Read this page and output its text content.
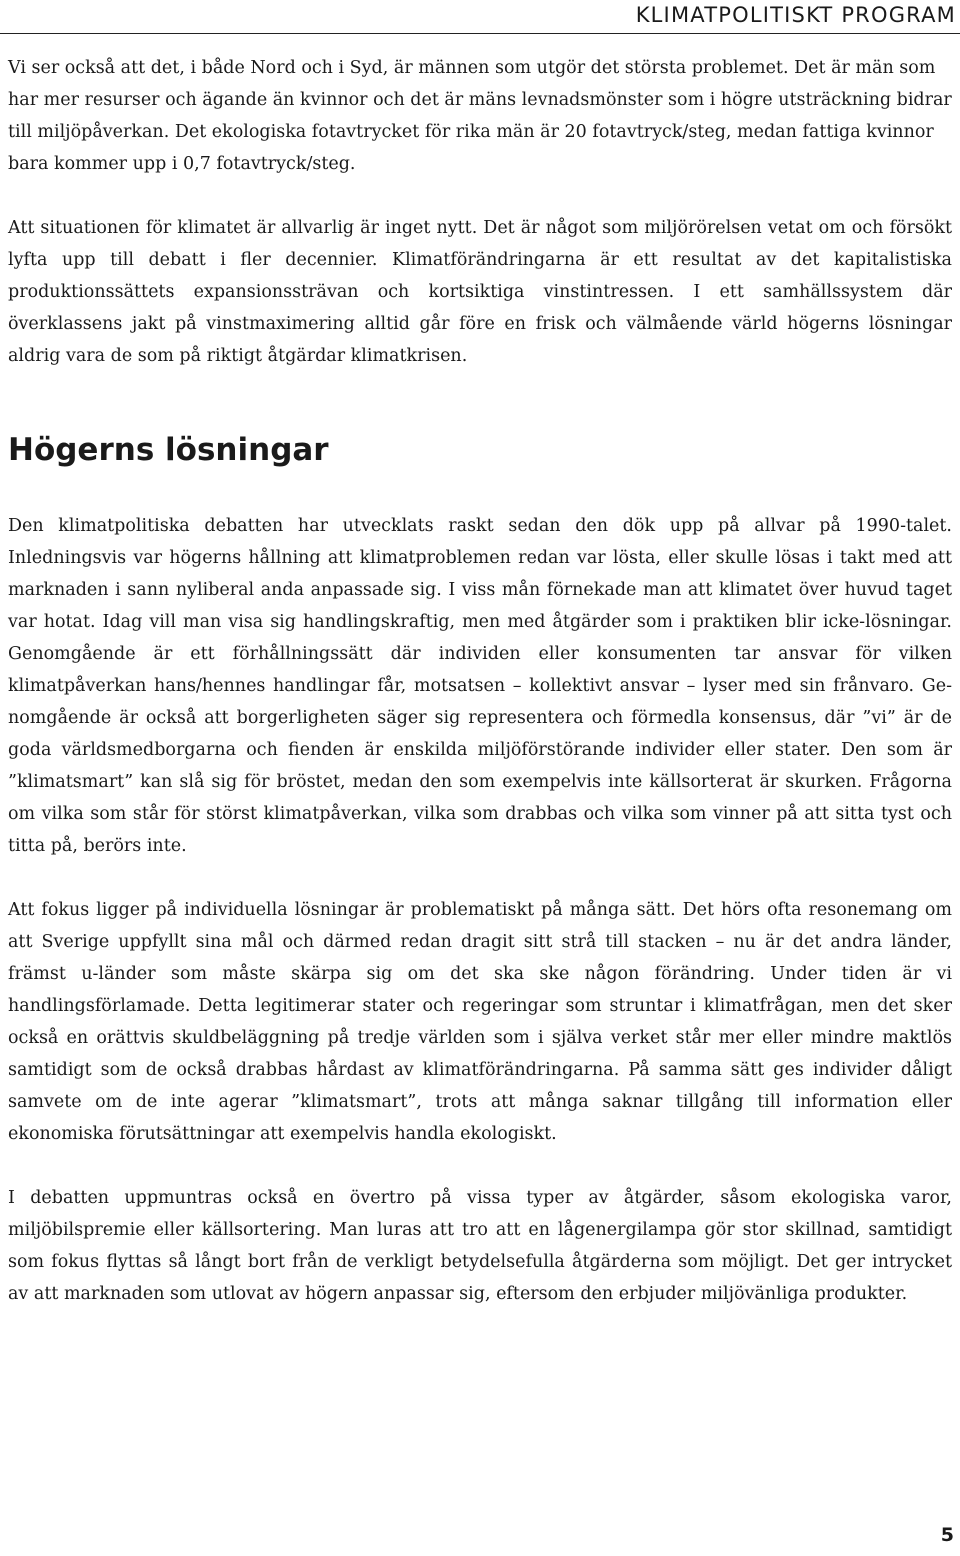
KLIMATPOLITISKT PROGRAM

Vi ser också att det, i både Nord och i Syd, är männen som utgör det största problemet. Det är män som har mer resurser och ägande än kvinnor och det är mäns levnadsmönster som i högre utsträckning bidrar till miljöpåverkan. Det ekologiska fotavtrycket för rika män är 20 fotavtryck/steg, medan fattiga kvinnor bara kommer upp i 0,7 fotavtryck/steg.

Att situationen för klimatet är allvarlig är inget nytt. Det är något som miljörörelsen vetat om och försökt lyfta upp till debatt i fler decennier. Klimatförändringarna är ett resultat av det kapitalistiska produktionssättets expansionssträvan och kortsiktiga vinstintressen. I ett samhällssystem där överklassens jakt på vinstmaximering alltid går före en frisk och välmående värld högerns lösningar aldrig vara de som på riktigt åtgärdar klimatkrisen.

Högerns lösningar

Den klimatpolitiska debatten har utvecklats raskt sedan den dök upp på allvar på 1990-talet. Inledningsvis var högerns hållning att klimatproblemen redan var lösta, eller skulle lösas i takt med att marknaden i sann nyliberal anda anpassade sig. I viss mån förnekade man att klimatet över huvud taget var hotat. Idag vill man visa sig handlingskraftig, men med åtgärder som i praktiken blir icke-lösningar. Genomgående är ett förhållningssätt där individen eller konsumenten tar ansvar för vilken klimatpåverkan hans/hennes handlingar får, motsatsen – kollektivt ansvar – lyser med sin frånvaro. Genomgående är också att borgerligheten säger sig representera och förmedla konsensus, där ”vi” är de goda världsmedborgarna och fienden är enskilda miljöförstörande individer eller stater. Den som är ”klimatsmart” kan slå sig för bröstet, medan den som exempelvis inte källsorterat är skurken. Frågorna om vilka som står för störst klimatpåverkan, vilka som drabbas och vilka som vinner på att sitta tyst och titta på, berörs inte.

Att fokus ligger på individuella lösningar är problematiskt på många sätt. Det hörs ofta resonemang om att Sverige uppfyllt sina mål och därmed redan dragit sitt strå till stacken – nu är det andra länder, främst u-länder som måste skärpa sig om det ska ske någon förändring. Under tiden är vi handlingsförlamade. Detta legitimerar stater och regeringar som struntar i klimatfrågan, men det sker också en orättvis skuldbeläggning på tredje världen som i själva verket står mer eller mindre maktlös samtidigt som de också drabbas hårdast av klimatförändringarna. På samma sätt ges individer dåligt samvete om de inte agerar ”klimatsmart”, trots att många saknar tillgång till information eller ekonomiska förutsättningar att exempelvis handla ekologiskt.

I debatten uppmuntras också en övertro på vissa typer av åtgärder, såsom ekologiska varor, miljöbilspremie eller källsortering. Man luras att tro att en lågenergilampa gör stor skillnad, samtidigt som fokus flyttas så långt bort från de verkligt betydelsefulla åtgärderna som möjligt. Det ger intrycket av att marknaden som utlovat av högern anpassar sig, eftersom den erbjuder miljövänliga produkter.

5
